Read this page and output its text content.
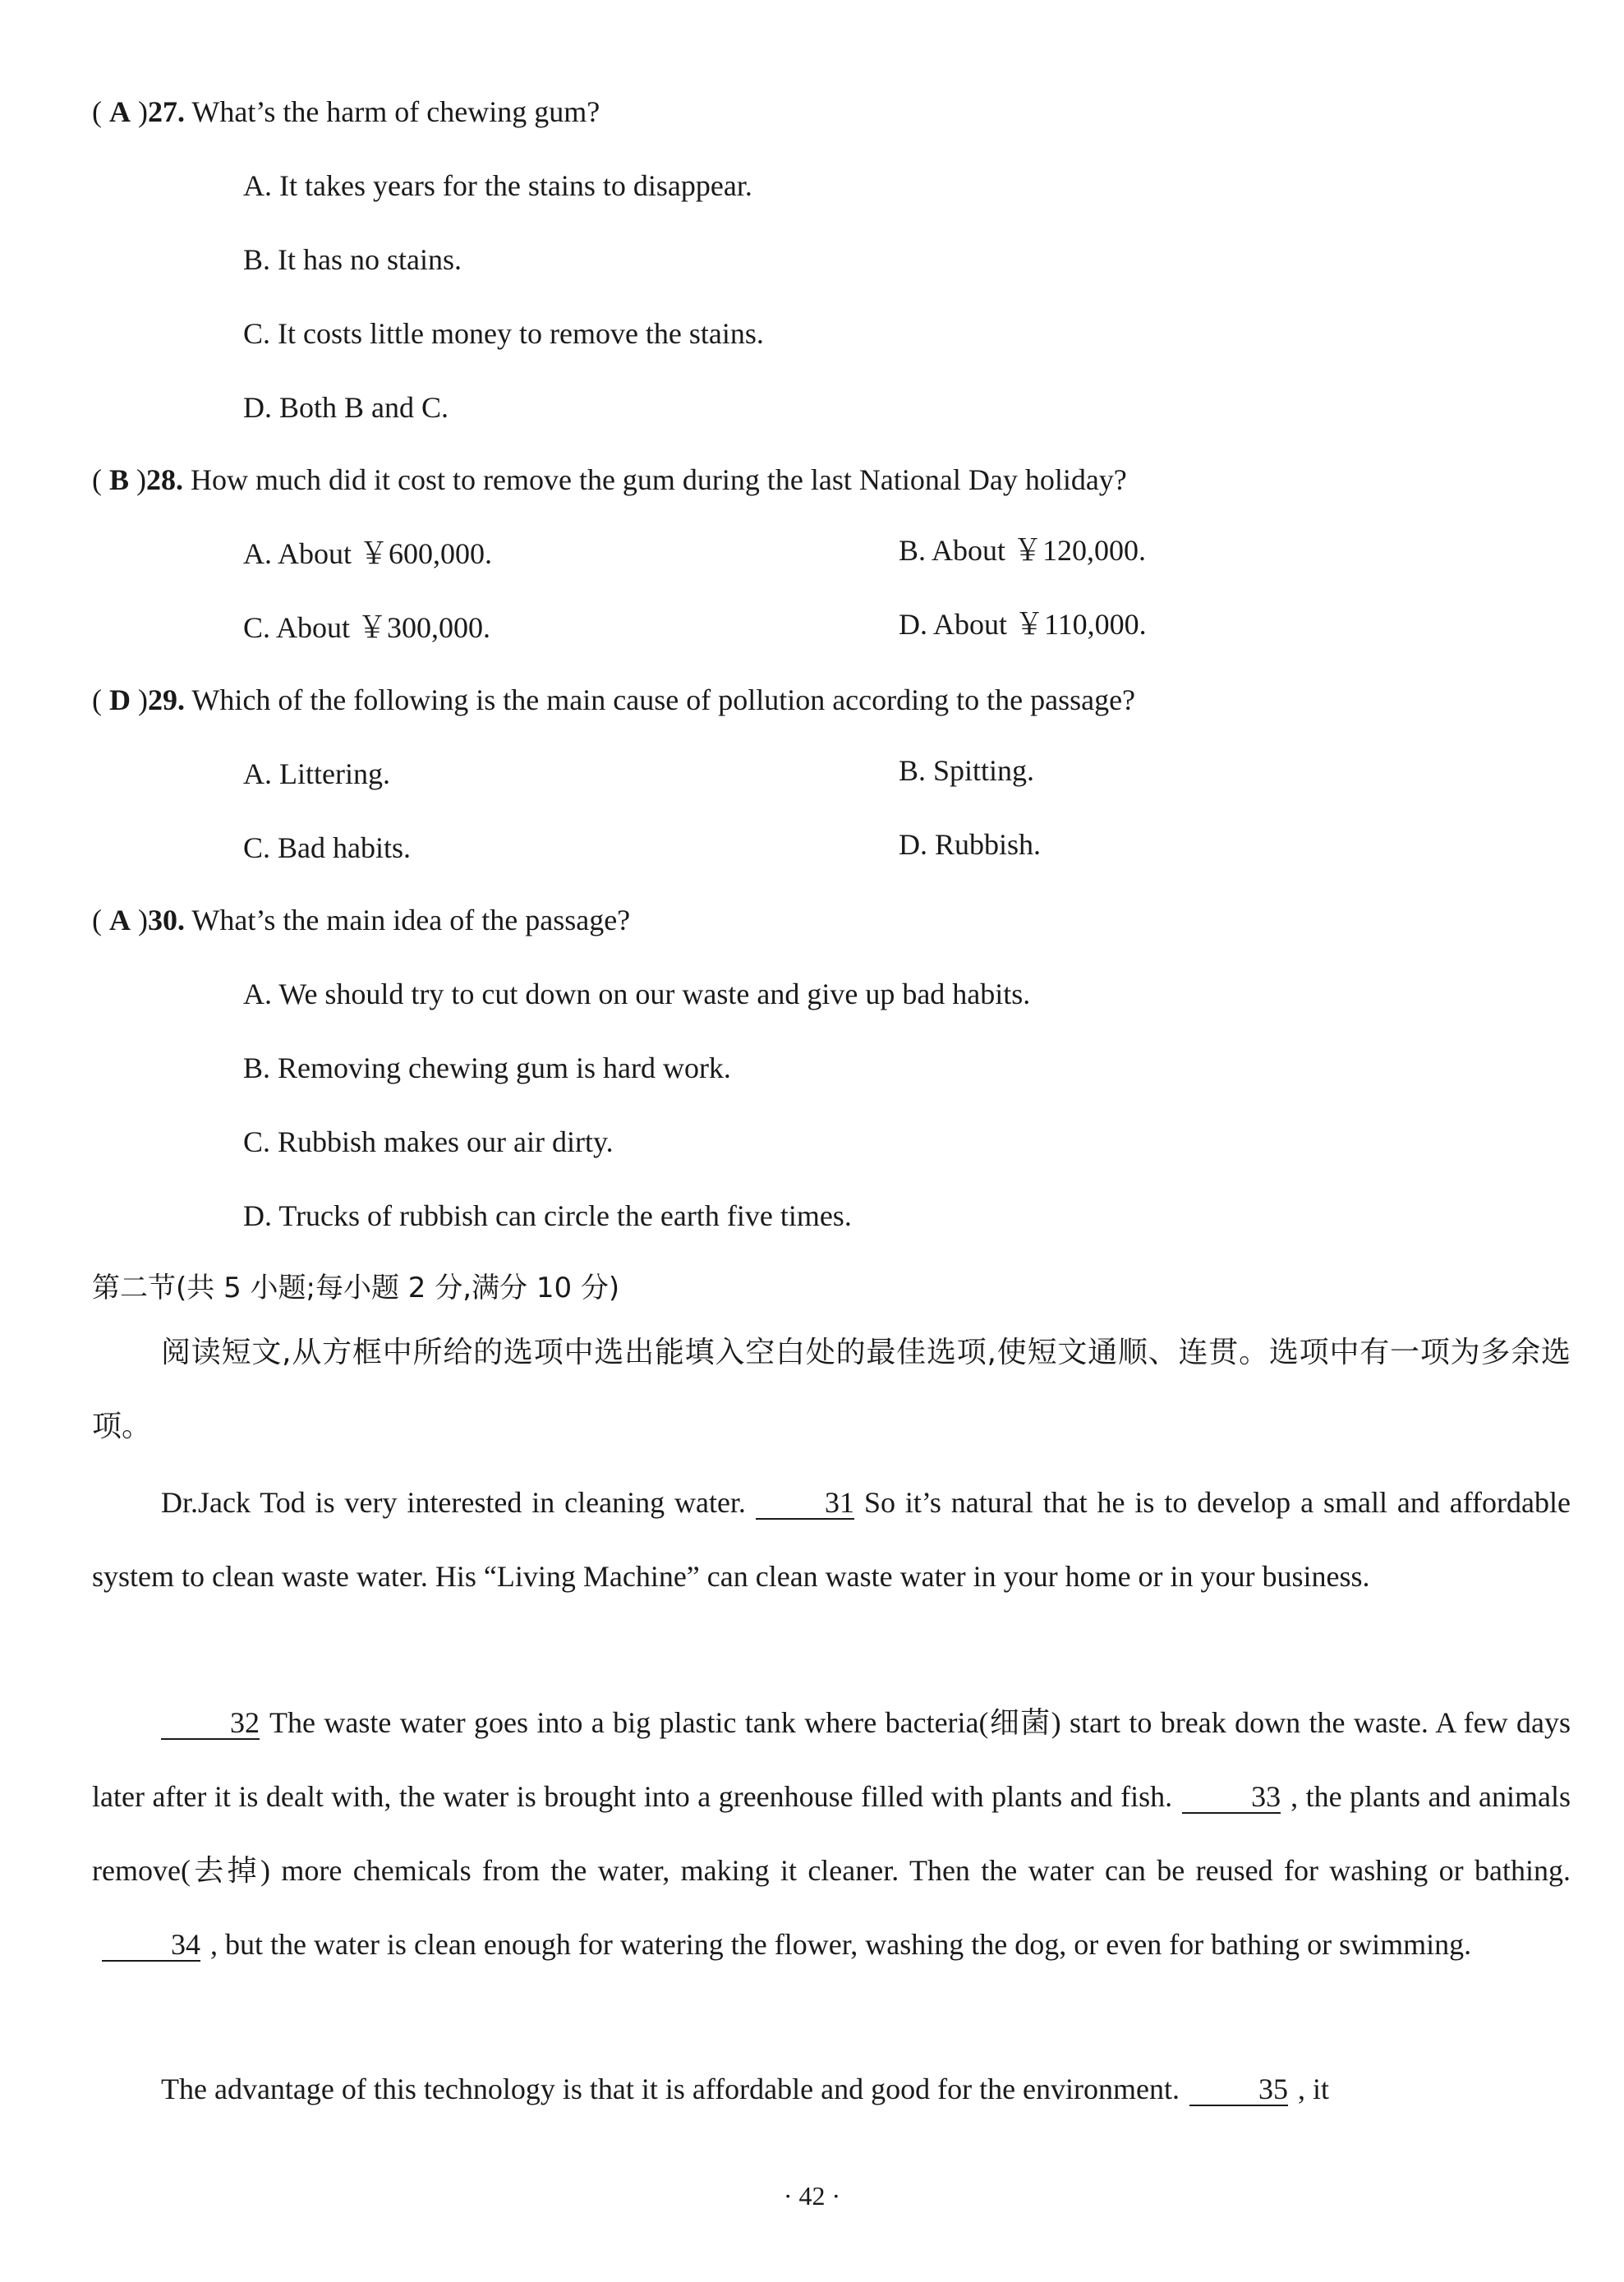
( A )27. What’s the harm of chewing gum?
A. It takes years for the stains to disappear.
B. It has no stains.
C. It costs little money to remove the stains.
D. Both B and C.
( B )28. How much did it cost to remove the gum during the last National Day holiday?
A. About ￥600,000.	B. About ￥120,000.
C. About ￥300,000.	D. About ￥110,000.
( D )29. Which of the following is the main cause of pollution according to the passage?
A. Littering.	B. Spitting.
C. Bad habits.	D. Rubbish.
( A )30. What’s the main idea of the passage?
A. We should try to cut down on our waste and give up bad habits.
B. Removing chewing gum is hard work.
C. Rubbish makes our air dirty.
D. Trucks of rubbish can circle the earth five times.
第二节(共 5 小题;每小题 2 分,满分 10 分)
阅读短文,从方框中所给的选项中选出能填入空白处的最佳选项,使短文通顺、连贯。选项中有一项为多余选项。
Dr.Jack Tod is very interested in cleaning water.	31 So it’s natural that he is to develop a small and affordable system to clean waste water. His “Living Machine” can clean waste water in your home or in your business.
32 The waste water goes into a big plastic tank where bacteria(细菌) start to break down the waste. A few days later after it is dealt with, the water is brought into a greenhouse filled with plants and fish.	33 , the plants and animals remove(去掉) more chemicals from the water, making it cleaner. Then the water can be reused for washing or bathing.34 , but the water is clean enough for watering the flower, washing the dog, or even for bathing or swimming.
The advantage of this technology is that it is affordable and good for the environment.	35 , it
· 42 ·
